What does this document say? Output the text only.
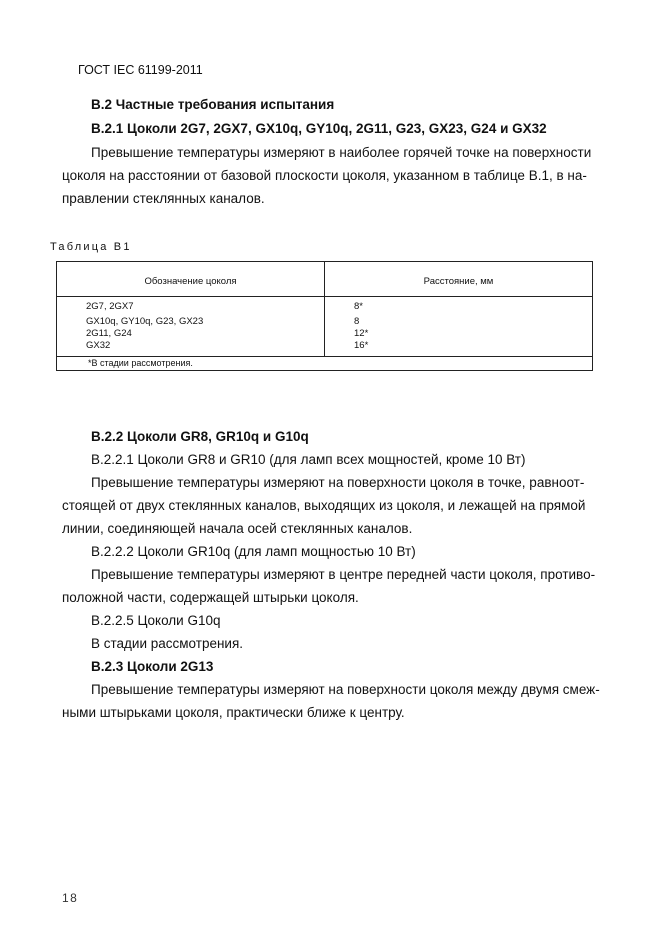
ГОСТ IEC 61199-2011
В.2 Частные требования испытания
В.2.1 Цоколи 2G7, 2GX7, GX10q, GY10q, 2G11, G23, GX23, G24 и GX32
Превышение температуры измеряют в наиболее горячей точке на поверхности
цоколя на расстоянии от базовой плоскости цоколя, указанном в таблице В.1, в на-
правлении стеклянных каналов.
Таблица В1
Обозначение цоколя	Расстояние, мм
2G7, 2GX7	8*
GX10q, GY10q, G23, GX23	8
2G11, G24	12*
GX32	16*
*В стадии рассмотрения.
В.2.2 Цоколи GR8, GR10q и G10q
В.2.2.1 Цоколи GR8 и GR10 (для ламп всех мощностей, кроме 10 Вт)
Превышение температуры измеряют на поверхности цоколя в точке, равноот-
стоящей от двух стеклянных каналов, выходящих из цоколя, и лежащей на прямой
линии, соединяющей начала осей стеклянных каналов.
В.2.2.2 Цоколи GR10q (для ламп мощностью 10 Вт)
Превышение температуры измеряют в центре передней части цоколя, противо-
положной части, содержащей штырьки цоколя.
В.2.2.5 Цоколи G10q
В стадии рассмотрения.
В.2.3 Цоколи 2G13
Превышение температуры измеряют на поверхности цоколя между двумя смеж-
ными штырьками цоколя, практически ближе к центру.
18
